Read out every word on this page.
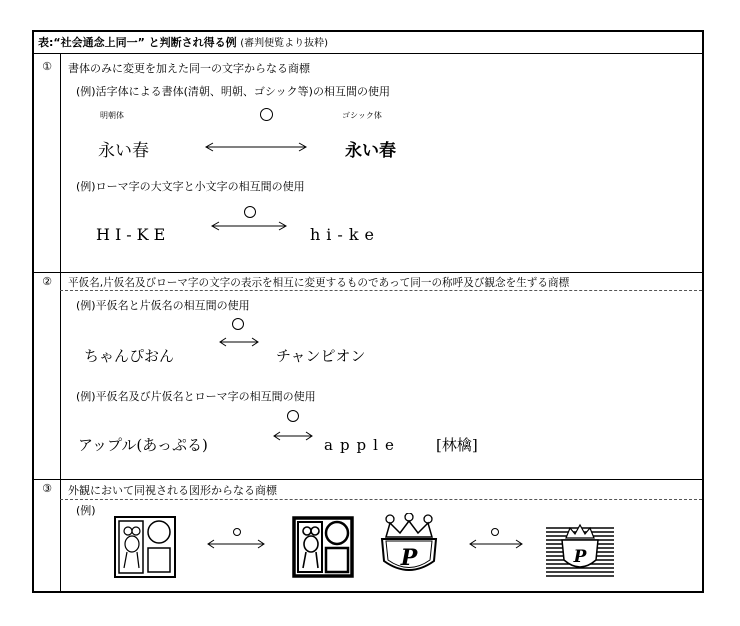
表:“社会通念上同一” と判断され得る例 (審判便覧より抜粋)
①	書体のみに変更を加えた同一の文字からなる商標
(例)活字体による書体(清朝、明朝、ゴシック等)の相互間の使用
明朝体	ゴシック体
永い春	永い春
(例)ローマ字の大文字と小文字の相互間の使用
HI-KE	hi-ke
②	平仮名,片仮名及びローマ字の文字の表示を相互に変更するものであって同一の称呼及び観念を生ずる商標
(例)平仮名と片仮名の相互間の使用
ちゃんぴおん	チャンピオン
(例)平仮名及び片仮名とローマ字の相互間の使用
アップル(あっぷる)	apple [林檎]
③	外観において同視される図形からなる商標
(例)
P	P
